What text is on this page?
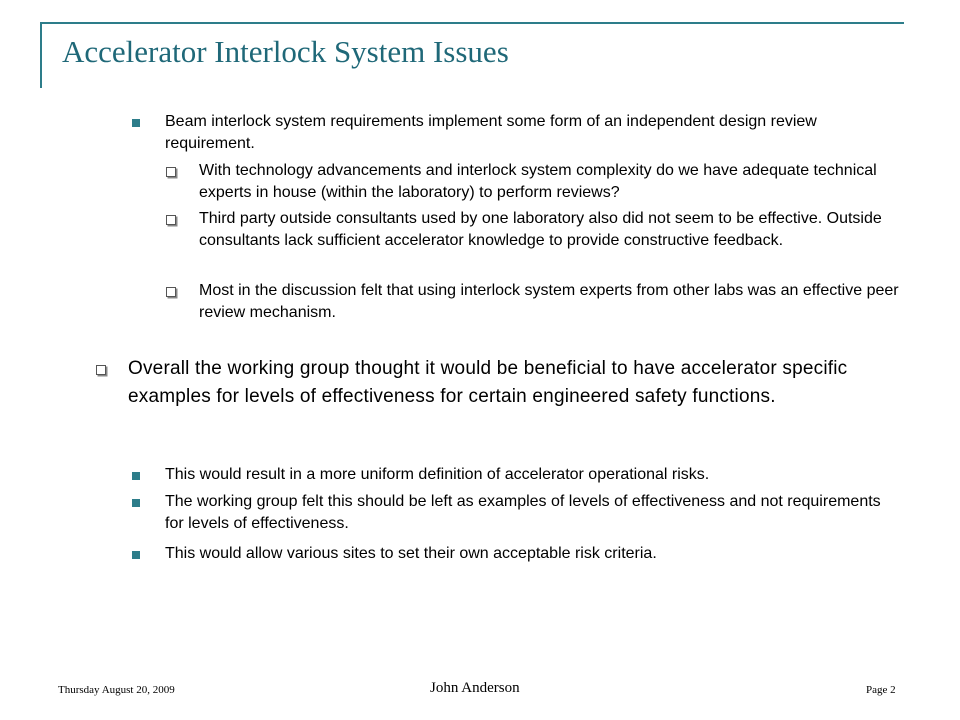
Accelerator Interlock System Issues
Beam interlock system requirements implement some form of an independent design review requirement.
With technology advancements and interlock system complexity do we have adequate technical experts in house (within the laboratory) to perform reviews?
Third party outside consultants used by one laboratory also did not seem to be effective. Outside consultants lack sufficient accelerator knowledge to provide constructive feedback.
Most in the discussion felt that using interlock system experts from other labs was an effective peer review mechanism.
Overall the working group thought it would be beneficial to have accelerator specific examples for levels of effectiveness for certain engineered safety functions.
This would result in a more uniform definition of accelerator operational risks.
The working group felt this should be left as examples of levels of effectiveness and not requirements for levels of effectiveness.
This would allow various sites to set their own acceptable risk criteria.
Thursday August 20, 2009	John Anderson	Page 2
